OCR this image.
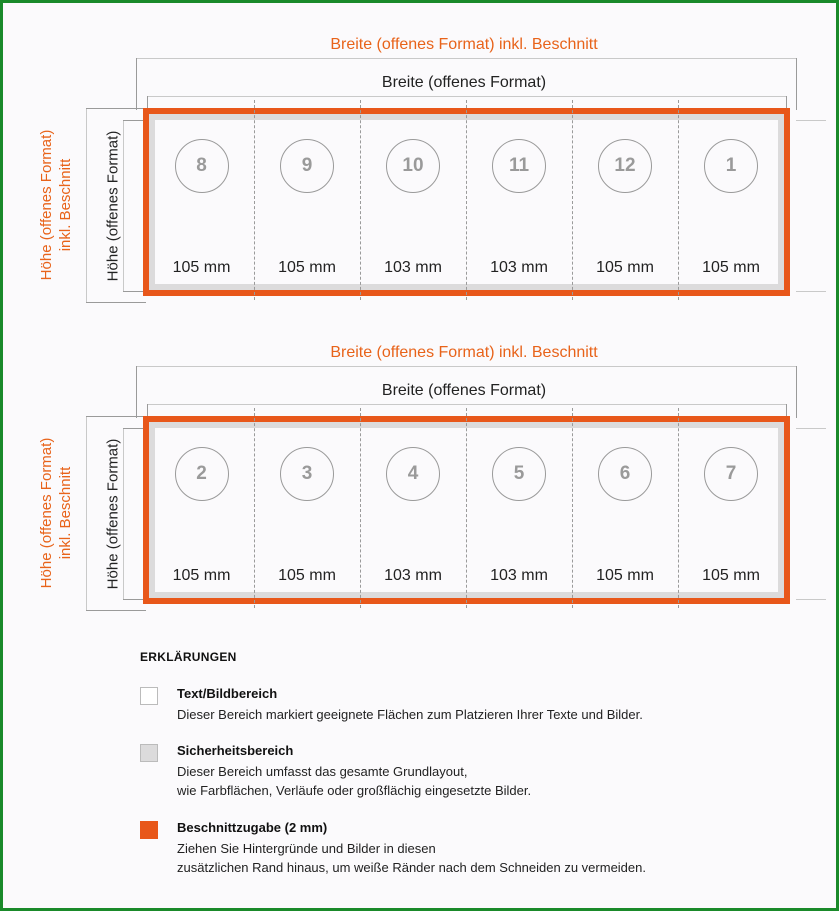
Breite (offenes Format) inkl. Beschnitt
Breite (offenes Format)
Höhe (offenes Format) inkl. Beschnitt Höhe (offenes Format)	8
105 mm
9
105 mm
10
103 mm
11
103 mm
12
105 mm
1
105 mm
Breite (offenes Format) inkl. Beschnitt
Breite (offenes Format)
Höhe (offenes Format) inkl. Beschnitt Höhe (offenes Format)	2
105 mm
3
105 mm
4
103 mm
5
103 mm
6
105 mm
7
105 mm
ERKLÄRUNGEN
Text/Bildbereich
Dieser Bereich markiert geeignete Flächen zum Platzieren Ihrer Texte und Bilder.
Sicherheitsbereich
Dieser Bereich umfasst das gesamte Grundlayout,
wie Farbflächen, Verläufe oder großflächig eingesetzte Bilder.
Beschnittzugabe (2 mm)
Ziehen Sie Hintergründe und Bilder in diesen
zusätzlichen Rand hinaus, um weiße Ränder nach dem Schneiden zu vermeiden.
